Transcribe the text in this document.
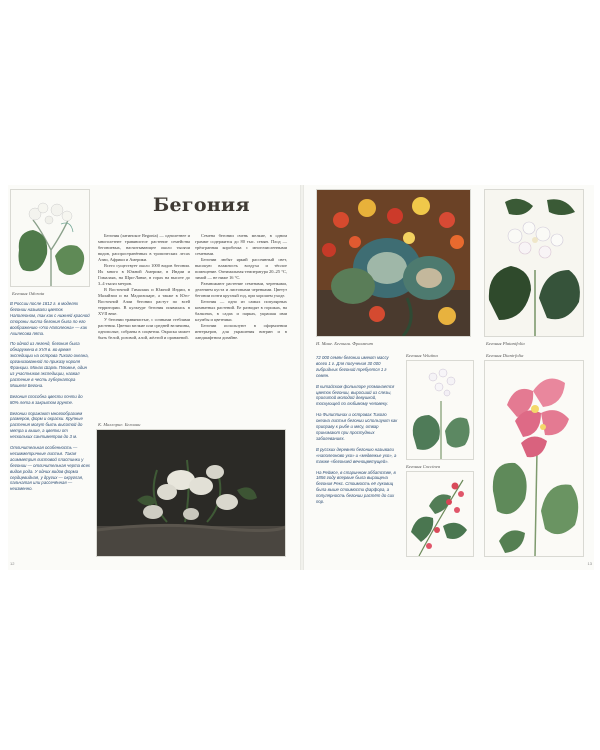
Бегония Odorata

В России после 1812 г. в моделях бегонии называли цветок Наполеоном, так как с нижней красной стороны листа бегония была по его воображению «Ухо Наполеона» — как Ахилесова пята.

По одной из легенд, бегония была обнаружена в XVII в. во время экспедиции на острова Тихого океана, организованной по приказу короля Франции. Монах Шарль Плюмье, один из участников экспедиции, назвал растение в честь губернатора Мишеля Бегона.

Бегония способна цвести почти до 80% лета в закрытом грунте.

Бегонии поражают многообразием размеров, форм и окраски. Крупные растения могут быть высотой до метра и выше, а цветки от нескольких сантиметров до 3 м.

Отличительная особенность — несимметричные листья. Такая асимметрия листовой пластинки у бегонии — отличительная черта всех видов рода. У одних видов форма сердцевидная, у других — округлая, пальчатая или рассечённая — неизменно.

Бегония

Бегония (латинское Begonia) — однолетнее и многолетнее травянистое растение семейства бегониевых, насчитывающее около тысячи видов, распространённых в тропических лесах Азии, Африки и Америки.

Всего существует около 1000 видов бегонии. Их много в Южной Америке, в Индии и Гималаях, на Шри-Ланке, в горах на высоте до 3–4 тысяч метров.

В Восточной Гималаях и Южной Индии, в Малайзии и на Мадагаскаре, а также в Юго-Восточной Азии бегонии растут по всей территории. В культуре бегония появилась в XVII веке.

У бегонии травянистые, с сочными стеблями растения. Цветки мелкие или средней величины, однополые, собраны в соцветия. Окраска может быть белой, розовой, алой, жёлтой и оранжевой.

Семена бегонии очень мелкие, в одном грамме содержится до 80 тыс. семян. Плод — трёхгранная коробочка с многочисленными семенами.

Бегонии любят яркий рассеянный свет, высокую влажность воздуха и тёплое помещение. Оптимальная температура 20–25 °С, зимой — не ниже 16 °С.

Размножают растение семенами, черенками, делением куста и листовыми черенками. Цветут бегонии почти круглый год, при хорошем уходе.

Бегония — одно из самых популярных комнатных растений. Ее разводят в горшках, на балконах, в садах и парках, украшая ими клумбы и цветники.

Бегонии используют в оформлении интерьеров, для украшения витрин и в ландшафтном дизайне.

К. Маллорие. Бегонии
12
И. Мане. Бегонии. Фрагмент	Бегония Platanifolia

72 000 семян бегонии имеют массу всего 1 г. Для получения 30 000 гибридных бегоний требуется 1 г семян.

В китайском фольклоре упоминается цветок бегонии, выросший из слезы, пролитой молодой девушкой, тоскующей по любимому человеку.

На Филиппинах и островах Тихого океана листья бегонии используют как приправу к рыбе и мясу, отвар принимают при простудных заболеваниях.

В русских деревнях бегонию называли «наполеоново ухо» и «медвежье ухо», а также «бегонией вечноцветущей».

На Реймсе, в старинном аббатстве, в 1856 году впервые была выращена бегония Рекс. Стоимость её луковиц была выше стоимости фарфора, а популярность бегонии растёт до сих пор.

Бегония Velutina
Бегония Coccinea
Бегония Dianirfolia
13
